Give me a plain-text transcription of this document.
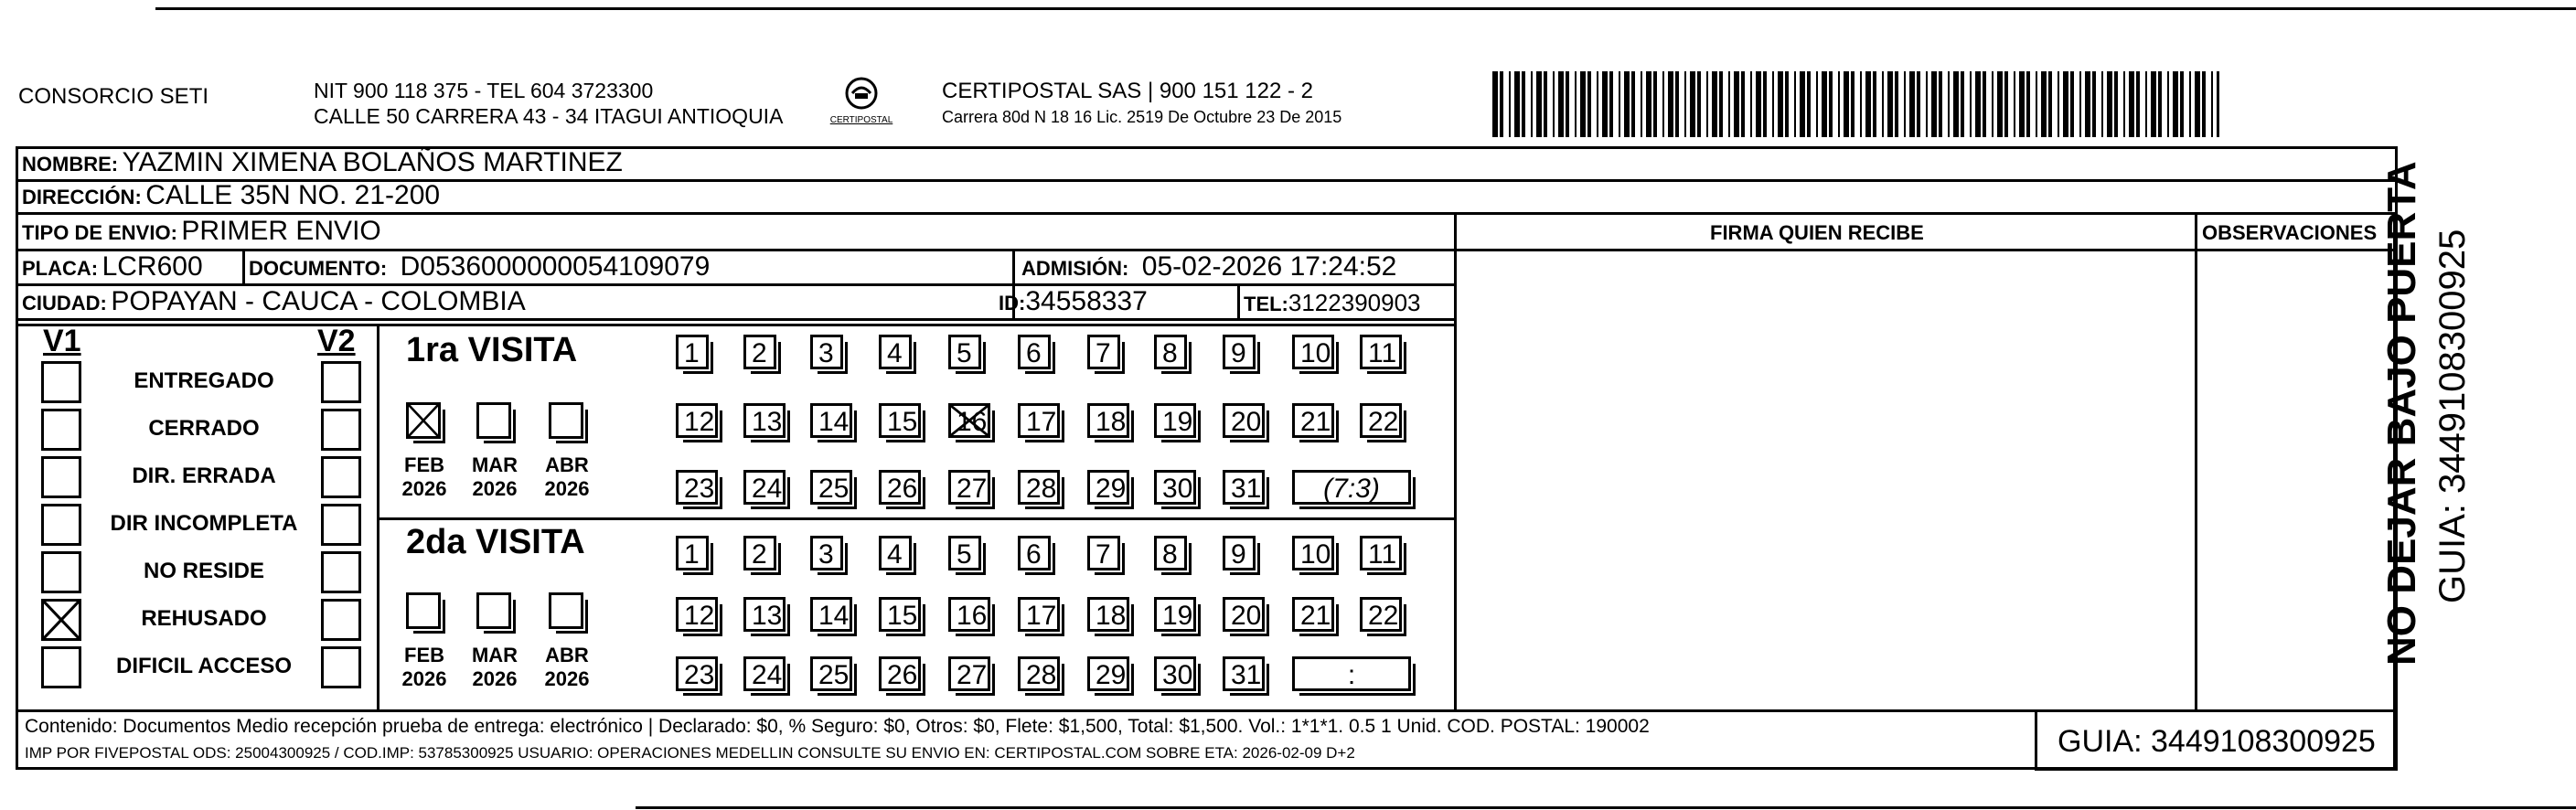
CONSORCIO SETI	NIT 900 118 375 - TEL 604 3723300
CALLE 50 CARRERA 43 - 34 ITAGUI ANTIOQUIA	CERTIPOSTAL
CERTIPOSTAL SAS | 900 151 122 - 2
Carrera 80d N 18 16 Lic. 2519 De Octubre 23 De 2015
NOMBRE: YAZMIN XIMENA BOLAÑOS MARTINEZ
DIRECCIÓN: CALLE 35N NO. 21-200
TIPO DE ENVIO: PRIMER ENVIO	FIRMA QUIEN RECIBE	OBSERVACIONES
PLACA: LCR600 DOCUMENTO: D0536000000054109079	ADMISIÓN: 05-02-2026 17:24:52
CIUDAD: POPAYAN - CAUCA - COLOMBIA	ID:34558337	TEL:3122390903
V1	V2
ENTREGADO
CERRADO
DIR. ERRADA
DIR INCOMPLETA
NO RESIDE
REHUSADO
DIFICIL ACCESO
1ra VISITA
2da VISITA
FEB
2026
MAR
2026
ABR
2026
FEB
2026
MAR
2026
ABR
2026
1	2	3	4	5	6	7	8	9	10	11
12	13	14	15	16	17	18	19	20	21	22
23	24	25	26	27	28	29	30	31	(7:3)
1	2	3	4	5	6	7	8	9	10	11
12	13	14	15	16	17	18	19	20	21	22
23	24	25	26	27	28	29	30	31	:
Contenido: Documentos Medio recepción prueba de entrega: electrónico | Declarado: $0, % Seguro: $0, Otros: $0, Flete: $1,500, Total: $1,500. Vol.: 1*1*1. 0.5 1 Unid. COD. POSTAL: 190002
IMP POR FIVEPOSTAL ODS: 25004300925 / COD.IMP: 53785300925 USUARIO: OPERACIONES MEDELLIN CONSULTE SU ENVIO EN: CERTIPOSTAL.COM SOBRE ETA: 2026-02-09 D+2	GUIA: 3449108300925
NO DEJAR BAJO PUERTA GUIA: 3449108300925
